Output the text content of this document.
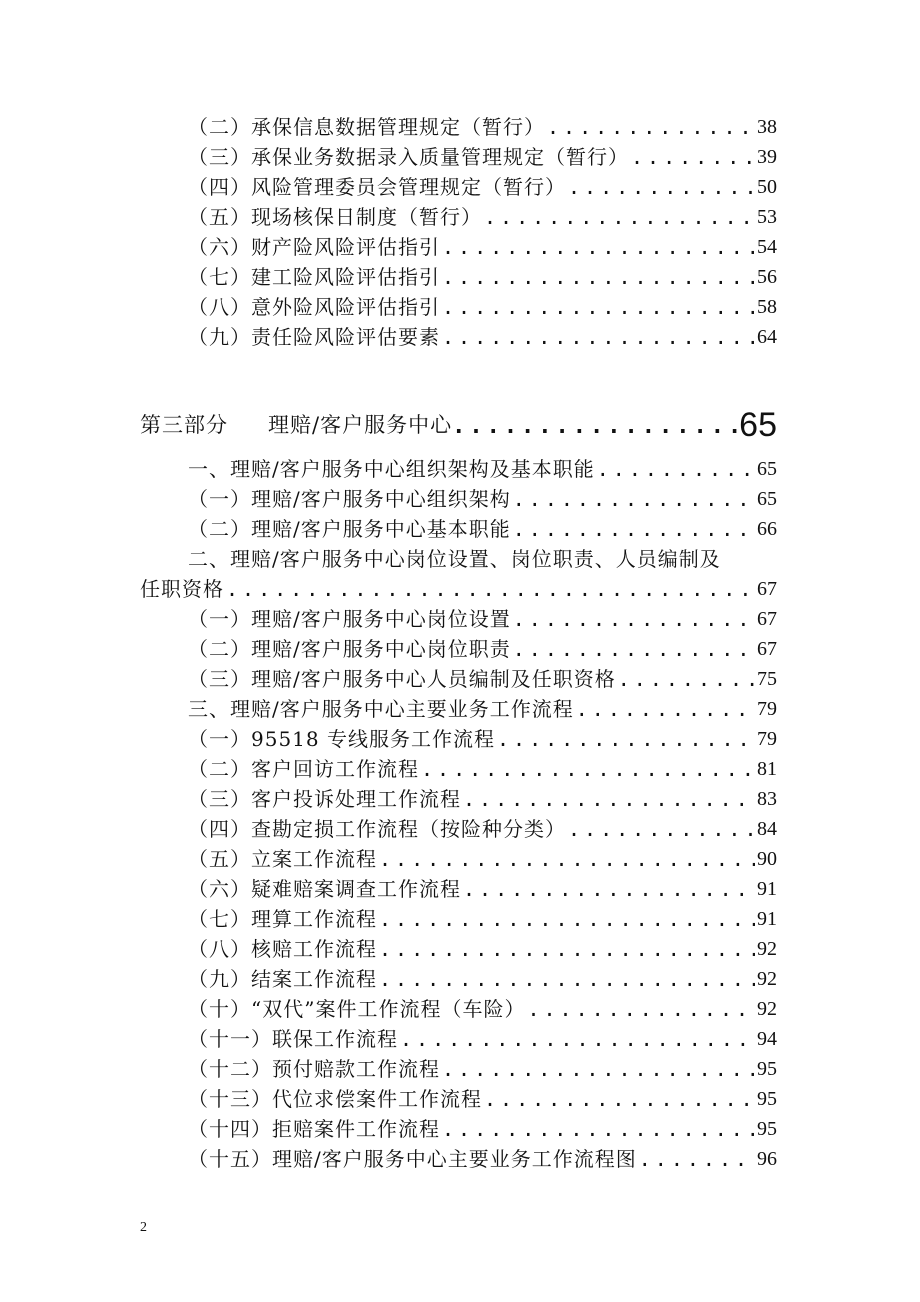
（二）承保信息数据管理规定（暂行） .....	38
（三）承保业务数据录入质量管理规定（暂行） .....	39
（四）风险管理委员会管理规定（暂行） .....	50
（五）现场核保日制度（暂行） .....	53
（六）财产险风险评估指引 .....	54
（七）建工险风险评估指引 .....	56
（八）意外险风险评估指引 .....	58
（九）责任险风险评估要素 .....	64
第三部分 理赔/客户服务中心 .....	65
一、理赔/客户服务中心组织架构及基本职能 .....	65
（一）理赔/客户服务中心组织架构 .....	65
（二）理赔/客户服务中心基本职能 .....	66
二、理赔/客户服务中心岗位设置、岗位职责、人员编制及
任职资格 .....	67
（一）理赔/客户服务中心岗位设置 .....	67
（二）理赔/客户服务中心岗位职责 .....	67
（三）理赔/客户服务中心人员编制及任职资格 .....	75
三、理赔/客户服务中心主要业务工作流程 .....	79
（一）95518 专线服务工作流程 .....	79
（二）客户回访工作流程 .....	81
（三）客户投诉处理工作流程 .....	83
（四）查勘定损工作流程（按险种分类） .....	84
（五）立案工作流程 .....	90
（六）疑难赔案调查工作流程 .....	91
（七）理算工作流程 .....	91
（八）核赔工作流程 .....	92
（九）结案工作流程 .....	92
（十）“双代”案件工作流程（车险） .....	92
（十一）联保工作流程 .....	94
（十二）预付赔款工作流程 .....	95
（十三）代位求偿案件工作流程 .....	95
（十四）拒赔案件工作流程 .....	95
（十五）理赔/客户服务中心主要业务工作流程图 .....	96
2
